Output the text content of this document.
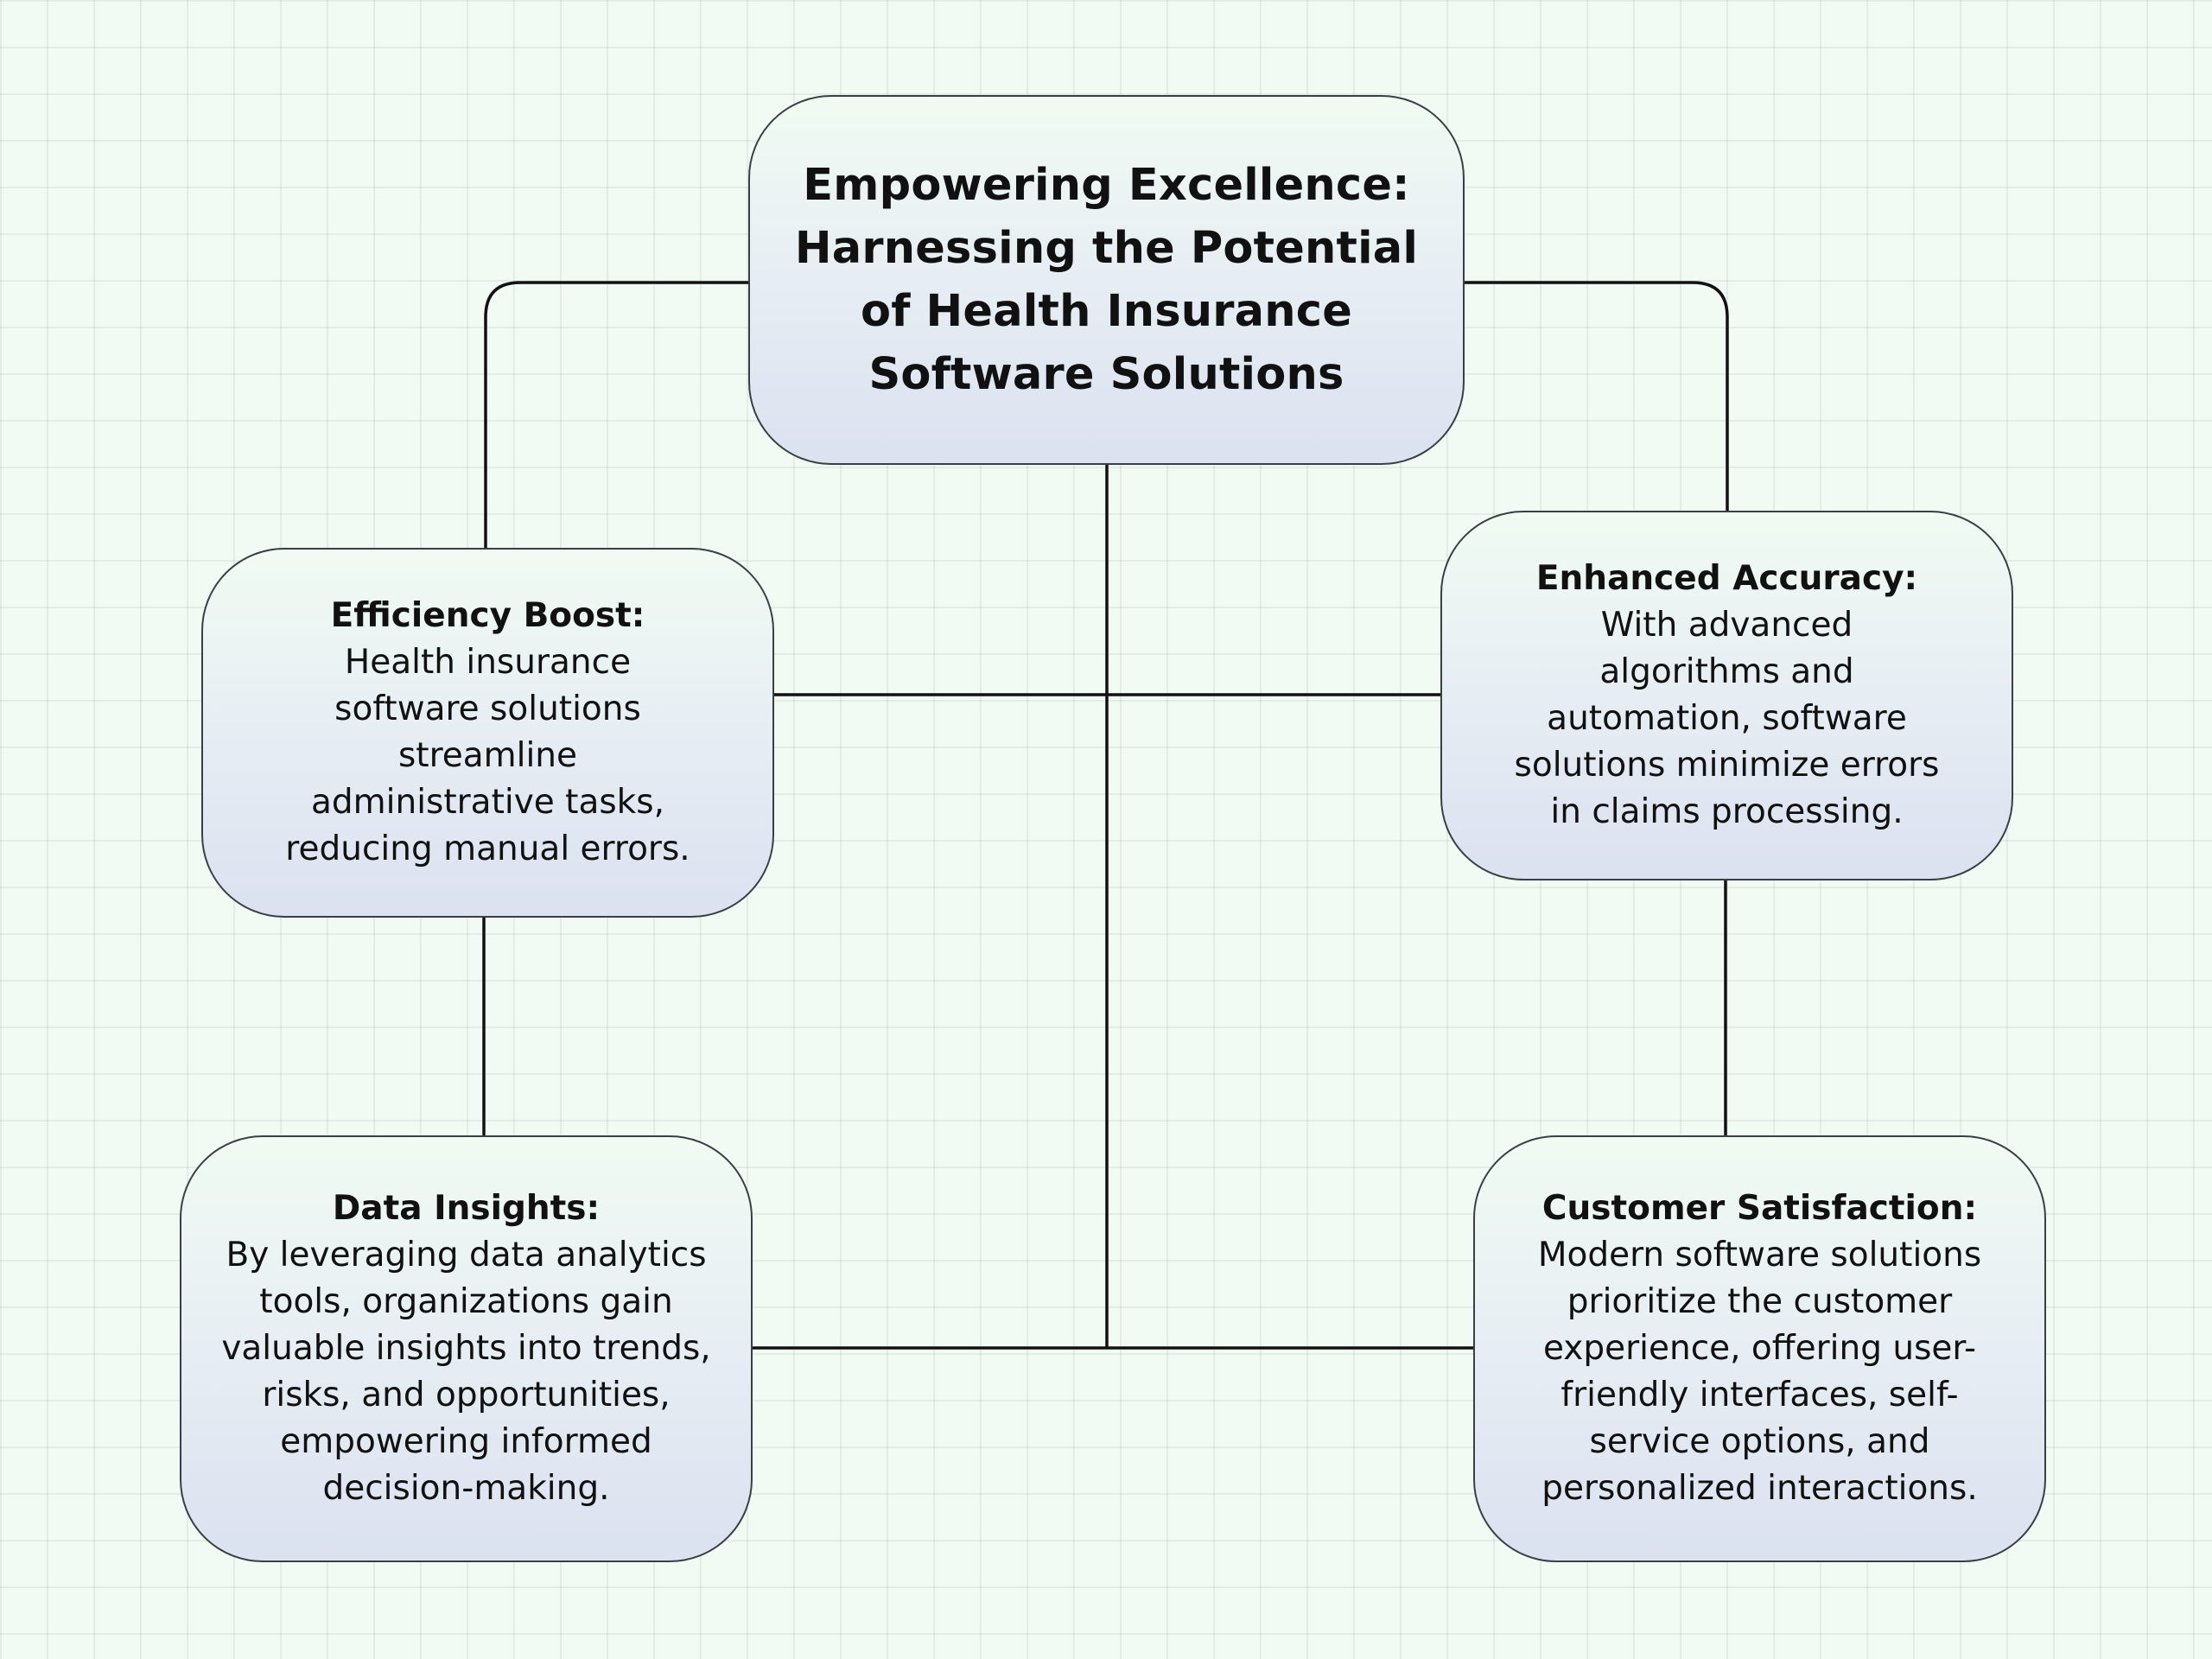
Empowering Excellence:
Harnessing the Potential
of Health Insurance
Software Solutions
Efficiency Boost:
Health insurance
software solutions
streamline
administrative tasks,
reducing manual errors.
Enhanced Accuracy:
With advanced
algorithms and
automation, software
solutions minimize errors
in claims processing.
Data Insights:
By leveraging data analytics
tools, organizations gain
valuable insights into trends,
risks, and opportunities,
empowering informed
decision-making.
Customer Satisfaction:
Modern software solutions
prioritize the customer
experience, offering user-
friendly interfaces, self-
service options, and
personalized interactions.
